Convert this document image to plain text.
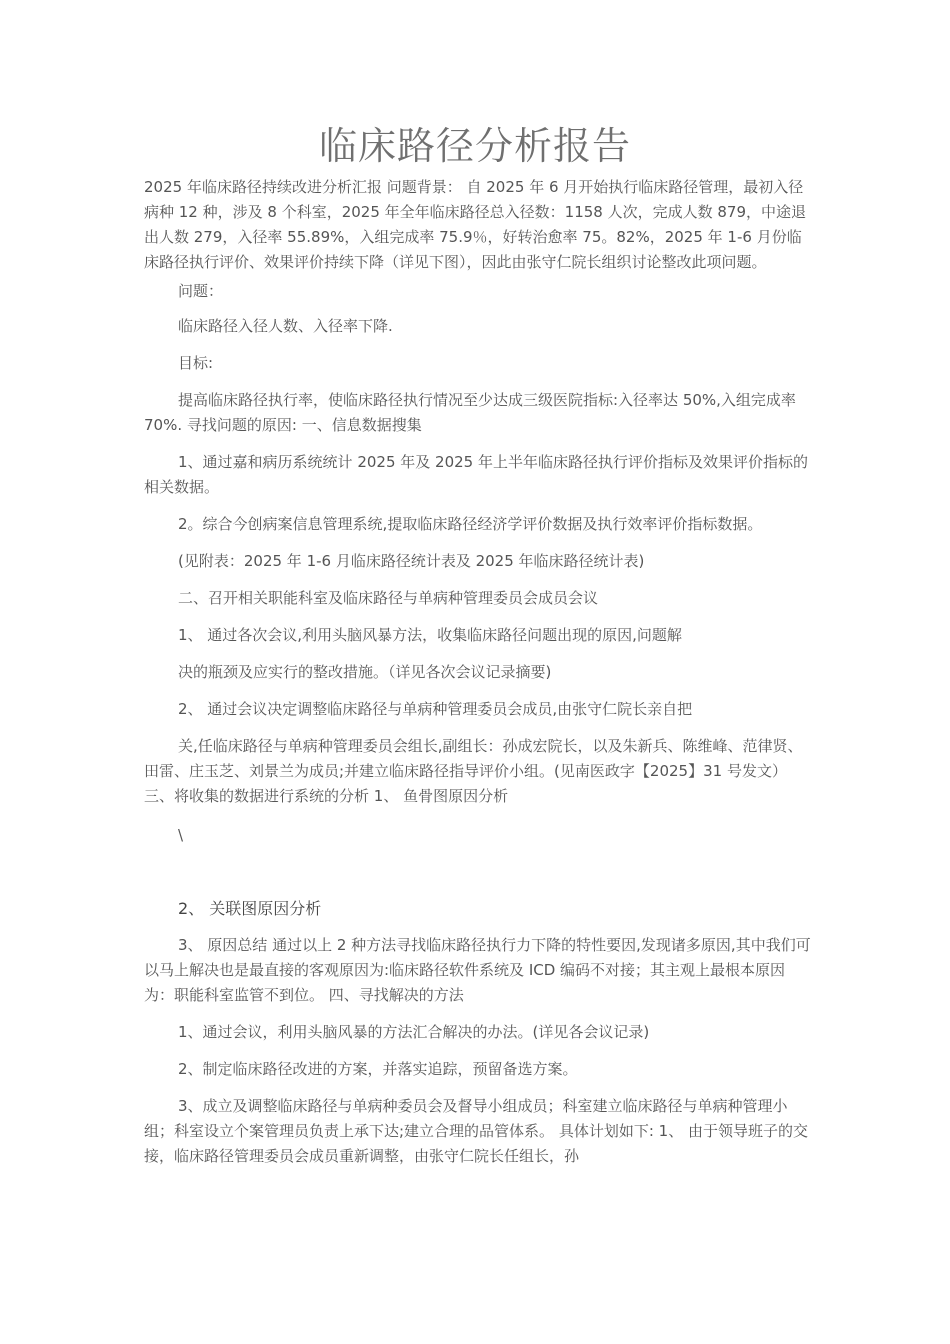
临床路径分析报告

2025 年临床路径持续改进分析汇报 问题背景： 自 2025 年 6 月开始执行临床路径管理，最初入径病种 12 种，涉及 8 个科室，2025 年全年临床路径总入径数：1158 人次，完成人数 879，中途退出人数 279，入径率 55.89%，入组完成率 75.9％，好转治愈率 75。82%，2025 年 1-6 月份临床路径执行评价、效果评价持续下降（详见下图），因此由张守仁院长组织讨论整改此项问题。

问题：

临床路径入径人数、入径率下降.

目标:

提高临床路径执行率，使临床路径执行情况至少达成三级医院指标:入径率达 50%,入组完成率 70%. 寻找问题的原因: 一、信息数据搜集

1、通过嘉和病历系统统计 2025 年及 2025 年上半年临床路径执行评价指标及效果评价指标的相关数据。

2。综合今创病案信息管理系统,提取临床路径经济学评价数据及执行效率评价指标数据。

(见附表：2025 年 1-6 月临床路径统计表及 2025 年临床路径统计表)

二、召开相关职能科室及临床路径与单病种管理委员会成员会议

1、 通过各次会议,利用头脑风暴方法，收集临床路径问题出现的原因,问题解

决的瓶颈及应实行的整改措施。（详见各次会议记录摘要)

2、 通过会议决定调整临床路径与单病种管理委员会成员,由张守仁院长亲自把

关,任临床路径与单病种管理委员会组长,副组长：孙成宏院长，以及朱新兵、陈维峰、范律贤、田雷、庄玉芝、刘景兰为成员;并建立临床路径指导评价小组。(见南医政字【2025】31 号发文） 三、将收集的数据进行系统的分析 1、 鱼骨图原因分析

\

2、 关联图原因分析

3、 原因总结 通过以上 2 种方法寻找临床路径执行力下降的特性要因,发现诸多原因,其中我们可以马上解决也是最直接的客观原因为:临床路径软件系统及 ICD 编码不对接；其主观上最根本原因为：职能科室监管不到位。 四、寻找解决的方法

1、通过会议，利用头脑风暴的方法汇合解决的办法。(详见各会议记录)

2、制定临床路径改进的方案，并落实追踪，预留备选方案。

3、成立及调整临床路径与单病种委员会及督导小组成员；科室建立临床路径与单病种管理小组；科室设立个案管理员负责上承下达;建立合理的品管体系。 具体计划如下: 1、 由于领导班子的交接，临床路径管理委员会成员重新调整，由张守仁院长任组长，孙
